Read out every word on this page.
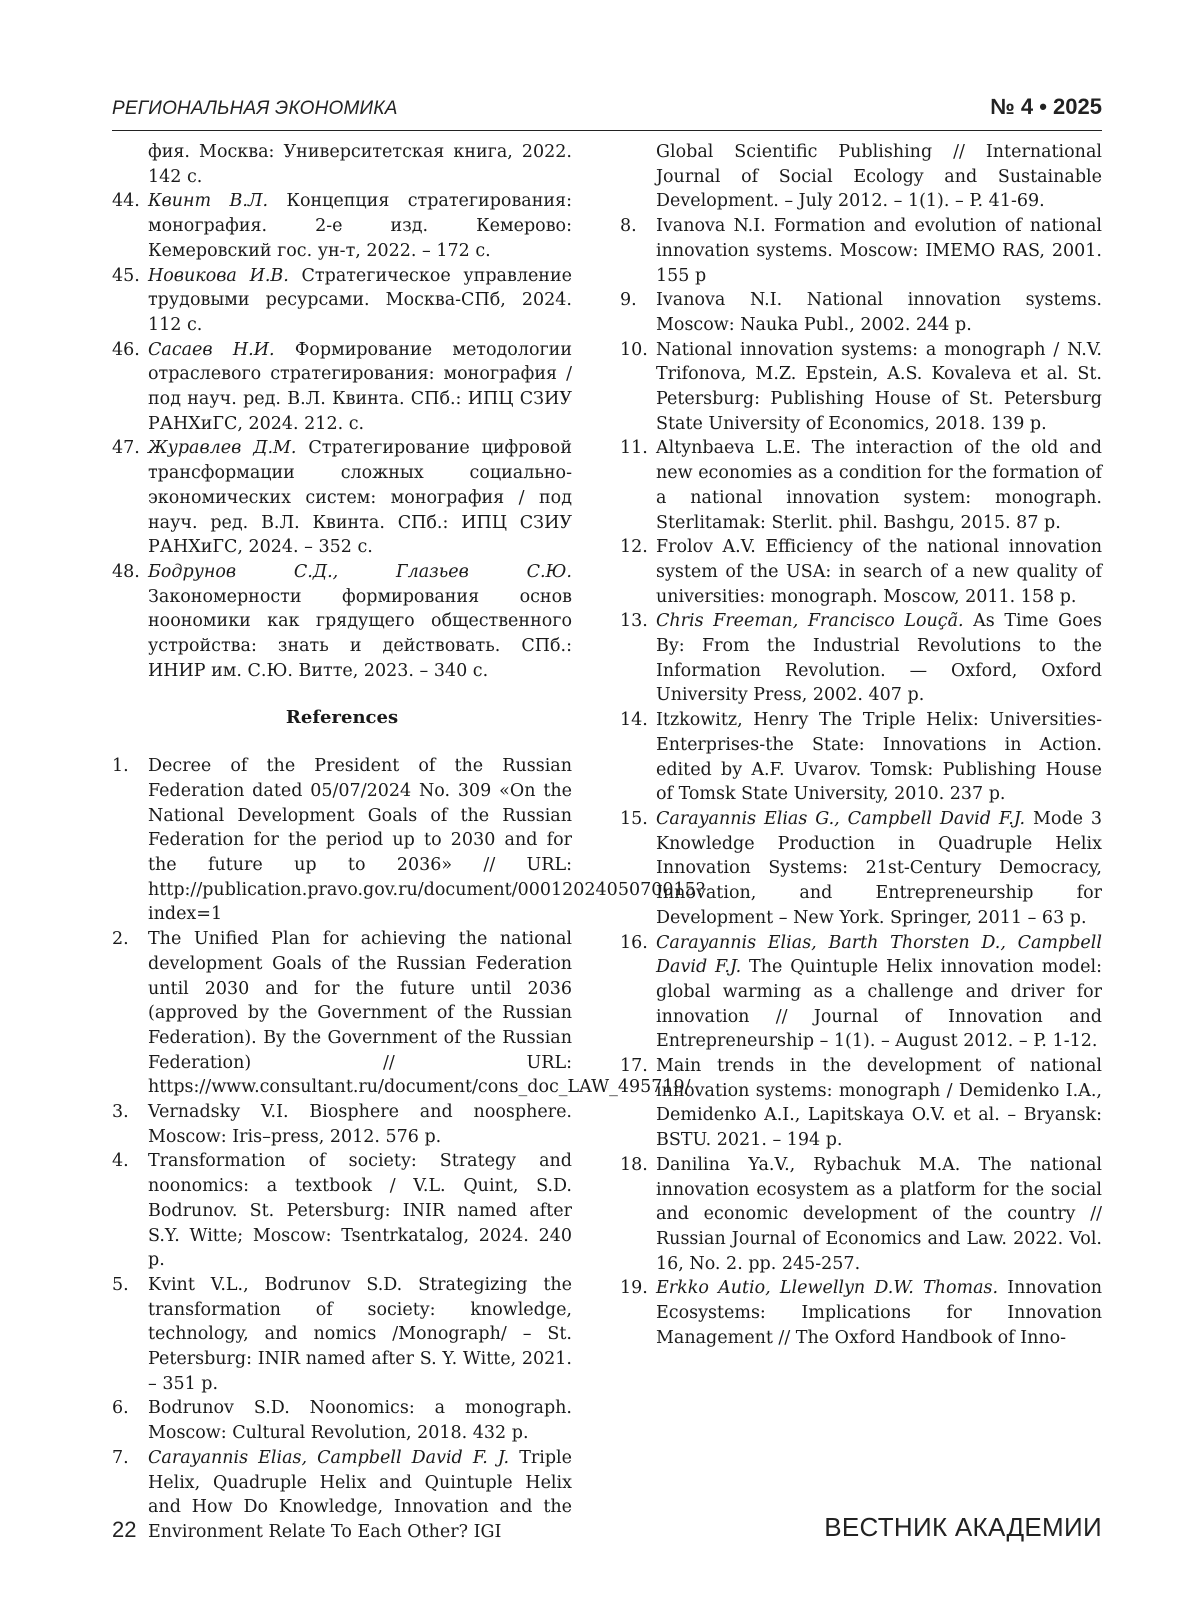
РЕГИОНАЛЬНАЯ ЭКОНОМИКА	№ 4 • 2025
фия. Москва: Университетская книга, 2022. 142 с.
44. Квинт В.Л. Концепция стратегирования: монография. 2-е изд. Кемерово: Кемеровский гос. ун-т, 2022. – 172 с.
45. Новикова И.В. Стратегическое управление трудовыми ресурсами. Москва-СПб, 2024. 112 с.
46. Сасаев Н.И. Формирование методологии отраслевого стратегирования: монография / под науч. ред. В.Л. Квинта. СПб.: ИПЦ СЗИУ РАНХиГС, 2024. 212. с.
47. Журавлев Д.М. Стратегирование цифровой трансформации сложных социально-экономических систем: монография / под науч. ред. В.Л. Квинта. СПб.: ИПЦ СЗИУ РАНХиГС, 2024. – 352 с.
48. Бодрунов С.Д., Глазьев С.Ю. Закономерности формирования основ ноономики как грядущего общественного устройства: знать и действовать. СПб.: ИНИР им. С.Ю. Витте, 2023. – 340 с.
References
1. Decree of the President of the Russian Federation dated 05/07/2024 No. 309 «On the National Development Goals of the Russian Federation for the period up to 2030 and for the future up to 2036» // URL: http://publication.pravo.gov.ru/document/0001202405070015?index=1
2. The Unified Plan for achieving the national development Goals of the Russian Federation until 2030 and for the future until 2036 (approved by the Government of the Russian Federation). By the Government of the Russian Federation) // URL: https://www.consultant.ru/document/cons_doc_LAW_495719/
3. Vernadsky V.I. Biosphere and noosphere. Moscow: Iris–press, 2012. 576 p.
4. Transformation of society: Strategy and noonomics: a textbook / V.L. Quint, S.D. Bodrunov. St. Petersburg: INIR named after S.Y. Witte; Moscow: Tsentrkatalog, 2024. 240 p.
5. Kvint V.L., Bodrunov S.D. Strategizing the transformation of society: knowledge, technology, and nomics /Monograph/ – St. Petersburg: INIR named after S. Y. Witte, 2021. – 351 p.
6. Bodrunov S.D. Noonomics: a monograph. Moscow: Cultural Revolution, 2018. 432 p.
7. Carayannis Elias, Campbell David F. J. Triple Helix, Quadruple Helix and Quintuple Helix and How Do Knowledge, Innovation and the Environment Relate To Each Other? IGI
Global Scientific Publishing // International Journal of Social Ecology and Sustainable Development. – July 2012. – 1(1). – P. 41-69.
8. Ivanova N.I. Formation and evolution of national innovation systems. Moscow: IMEMO RAS, 2001. 155 p
9. Ivanova N.I. National innovation systems. Moscow: Nauka Publ., 2002. 244 p.
10. National innovation systems: a monograph / N.V. Trifonova, M.Z. Epstein, A.S. Kovaleva et al. St. Petersburg: Publishing House of St. Petersburg State University of Economics, 2018. 139 p.
11. Altynbaeva L.E. The interaction of the old and new economies as a condition for the formation of a national innovation system: monograph. Sterlitamak: Sterlit. phil. Bashgu, 2015. 87 p.
12. Frolov A.V. Efficiency of the national innovation system of the USA: in search of a new quality of universities: monograph. Moscow, 2011. 158 p.
13. Chris Freeman, Francisco Louçã. As Time Goes By: From the Industrial Revolutions to the Information Revolution. — Oxford, Oxford University Press, 2002. 407 p.
14. Itzkowitz, Henry The Triple Helix: Universities-Enterprises-the State: Innovations in Action. edited by A.F. Uvarov. Tomsk: Publishing House of Tomsk State University, 2010. 237 p.
15. Carayannis Elias G., Campbell David F.J. Mode 3 Knowledge Production in Quadruple Helix Innovation Systems: 21st-Century Democracy, Innovation, and Entrepreneurship for Development – New York. Springer, 2011 – 63 p.
16. Carayannis Elias, Barth Thorsten D., Campbell David F.J. The Quintuple Helix innovation model: global warming as a challenge and driver for innovation // Journal of Innovation and Entrepreneurship – 1(1). – August 2012. – P. 1-12.
17. Main trends in the development of national innovation systems: monograph / Demidenko I.A., Demidenko A.I., Lapitskaya O.V. et al. – Bryansk: BSTU. 2021. – 194 p.
18. Danilina Ya.V., Rybachuk M.A. The national innovation ecosystem as a platform for the social and economic development of the country // Russian Journal of Economics and Law. 2022. Vol. 16, No. 2. pp. 245-257.
19. Erkko Autio, Llewellyn D.W. Thomas. Innovation Ecosystems: Implications for Innovation Management // The Oxford Handbook of Inno-
22	ВЕСТНИК АКАДЕМИИ
